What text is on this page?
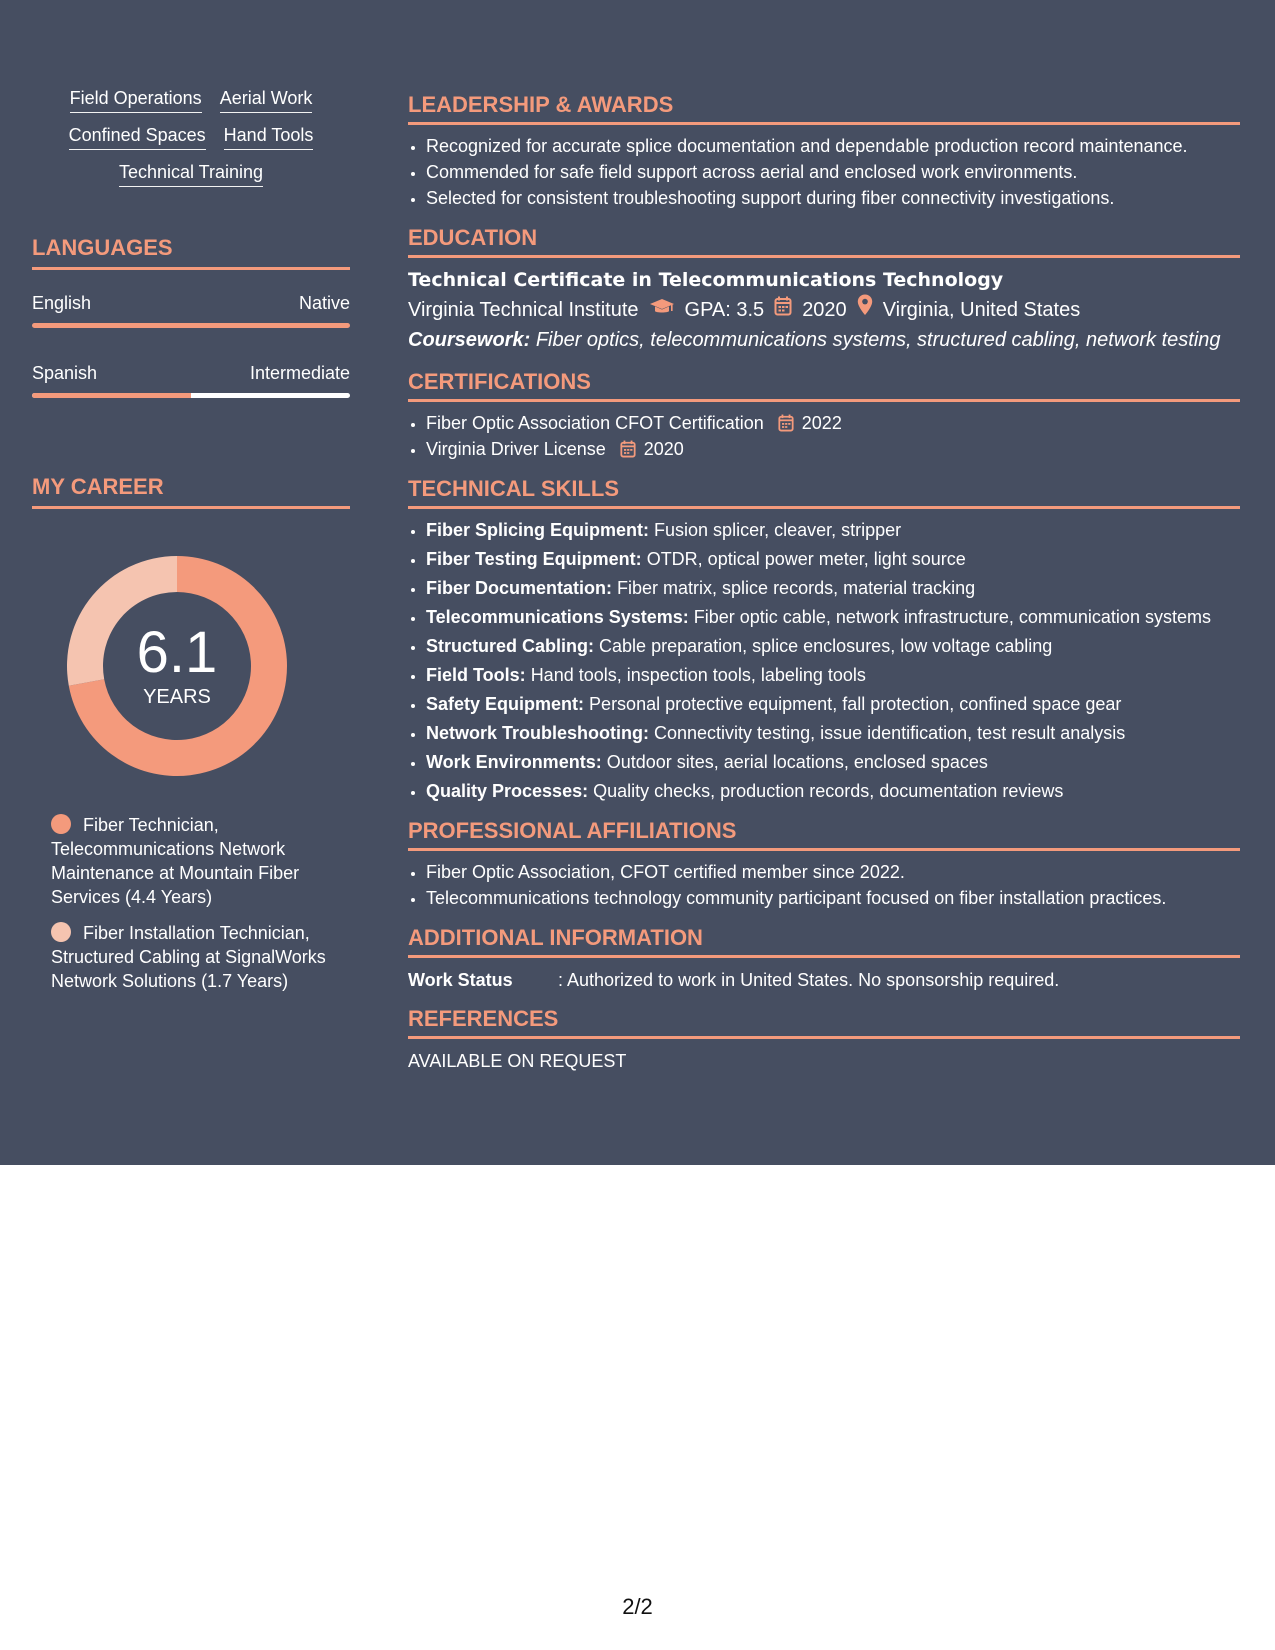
Field Operations Aerial Work
Confined Spaces Hand Tools
Technical Training
LANGUAGES
English	Native
Spanish	Intermediate
MY CAREER
6.1
YEARS
Fiber Technician, Telecommunications Network Maintenance at Mountain Fiber Services (4.4 Years)
Fiber Installation Technician, Structured Cabling at SignalWorks Network Solutions (1.7 Years)
LEADERSHIP & AWARDS
• Recognized for accurate splice documentation and dependable production record maintenance.
• Commended for safe field support across aerial and enclosed work environments.
• Selected for consistent troubleshooting support during fiber connectivity investigations.
EDUCATION
Technical Certificate in Telecommunications Technology
Virginia Technical Institute GPA: 3.5 2020 Virginia, United States
Coursework: Fiber optics, telecommunications systems, structured cabling, network testing
CERTIFICATIONS
• Fiber Optic Association CFOT Certification 2022
• Virginia Driver License 2020
TECHNICAL SKILLS
• Fiber Splicing Equipment: Fusion splicer, cleaver, stripper
• Fiber Testing Equipment: OTDR, optical power meter, light source
• Fiber Documentation: Fiber matrix, splice records, material tracking
• Telecommunications Systems: Fiber optic cable, network infrastructure, communication systems
• Structured Cabling: Cable preparation, splice enclosures, low voltage cabling
• Field Tools: Hand tools, inspection tools, labeling tools
• Safety Equipment: Personal protective equipment, fall protection, confined space gear
• Network Troubleshooting: Connectivity testing, issue identification, test result analysis
• Work Environments: Outdoor sites, aerial locations, enclosed spaces
• Quality Processes: Quality checks, production records, documentation reviews
PROFESSIONAL AFFILIATIONS
• Fiber Optic Association, CFOT certified member since 2022.
• Telecommunications technology community participant focused on fiber installation practices.
ADDITIONAL INFORMATION
Work Status	: Authorized to work in United States. No sponsorship required.
REFERENCES
AVAILABLE ON REQUEST
2/2
